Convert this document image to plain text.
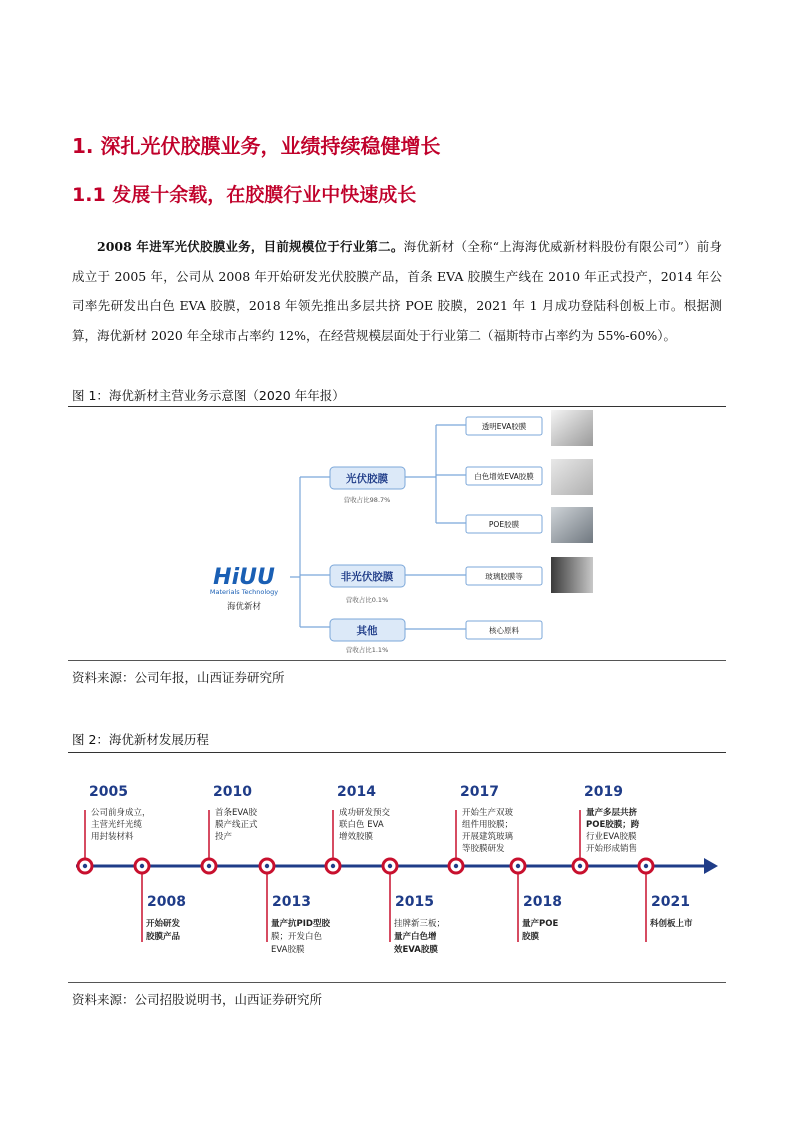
1. 深扎光伏胶膜业务，业绩持续稳健增长
1.1 发展十余载，在胶膜行业中快速成长

2008 年进军光伏胶膜业务，目前规模位于行业第二。海优新材（全称“上海海优威新材料股份有限公司”）前身成立于 2005 年，公司从 2008 年开始研发光伏胶膜产品，首条 EVA 胶膜生产线在 2010 年正式投产，2014 年公司率先研发出白色 EVA 胶膜，2018 年领先推出多层共挤 POE 胶膜，2021 年 1 月成功登陆科创板上市。根据测算，海优新材 2020 年全球市占率约 12%，在经营规模层面处于行业第二（福斯特市占率约为 55%-60%）。

图 1：海优新材主营业务示意图（2020 年年报）
HiUU
Materials Technology
海优新材
光伏胶膜
营收占比98.7%
非光伏胶膜
营收占比0.1%
其他
营收占比1.1%
透明EVA胶膜
白色增效EVA胶膜
POE胶膜
玻璃胶膜等
核心原料
资料来源：公司年报，山西证券研究所
图 2：海优新材发展历程
2005
公司前身成立，
主营光纤光缆
用封装材料
2010
首条EVA胶
膜产线正式
投产
2014
成功研发预交
联白色 EVA
增效胶膜
2017
开始生产双玻
组件用胶膜；
开展建筑玻璃
等胶膜研发
2019
量产多层共挤
POE胶膜；跨
行业EVA胶膜
开始形成销售
2008
开始研发
胶膜产品
2013
量产抗PID型胶
膜；开发白色
EVA胶膜
2015
挂牌新三板；
量产白色增
效EVA胶膜
2018
量产POE
胶膜
2021
科创板上市
资料来源：公司招股说明书，山西证券研究所
